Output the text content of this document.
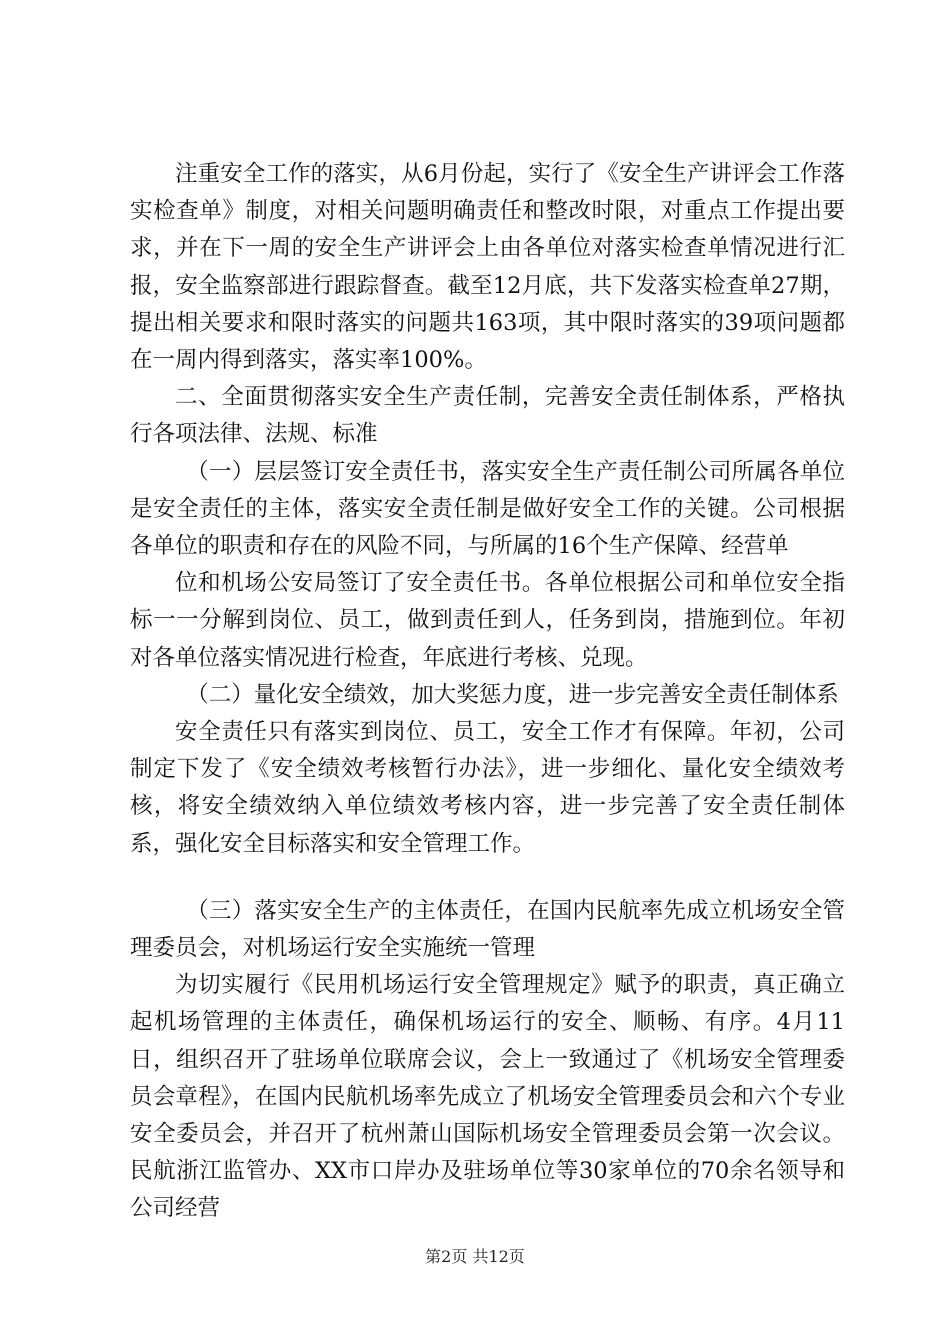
注重安全工作的落实，从6月份起，实行了《安全生产讲评会工作落实检查单》制度，对相关问题明确责任和整改时限，对重点工作提出要求，并在下一周的安全生产讲评会上由各单位对落实检查单情况进行汇报，安全监察部进行跟踪督查。截至12月底，共下发落实检查单27期，提出相关要求和限时落实的问题共163项，其中限时落实的39项问题都在一周内得到落实，落实率100%。

二、全面贯彻落实安全生产责任制，完善安全责任制体系，严格执行各项法律、法规、标准

（一）层层签订安全责任书，落实安全生产责任制公司所属各单位是安全责任的主体，落实安全责任制是做好安全工作的关键。公司根据各单位的职责和存在的风险不同，与所属的16个生产保障、经营单

位和机场公安局签订了安全责任书。各单位根据公司和单位安全指标一一分解到岗位、员工，做到责任到人，任务到岗，措施到位。年初对各单位落实情况进行检查，年底进行考核、兑现。

（二）量化安全绩效，加大奖惩力度，进一步完善安全责任制体系

安全责任只有落实到岗位、员工，安全工作才有保障。年初，公司制定下发了《安全绩效考核暂行办法》，进一步细化、量化安全绩效考核，将安全绩效纳入单位绩效考核内容，进一步完善了安全责任制体系，强化安全目标落实和安全管理工作。

（三）落实安全生产的主体责任，在国内民航率先成立机场安全管理委员会，对机场运行安全实施统一管理

为切实履行《民用机场运行安全管理规定》赋予的职责，真正确立起机场管理的主体责任，确保机场运行的安全、顺畅、有序。4月11日，组织召开了驻场单位联席会议，会上一致通过了《机场安全管理委员会章程》，在国内民航机场率先成立了机场安全管理委员会和六个专业安全委员会，并召开了杭州萧山国际机场安全管理委员会第一次会议。民航浙江监管办、XX市口岸办及驻场单位等30家单位的70余名领导和公司经营

第2页 共12页
